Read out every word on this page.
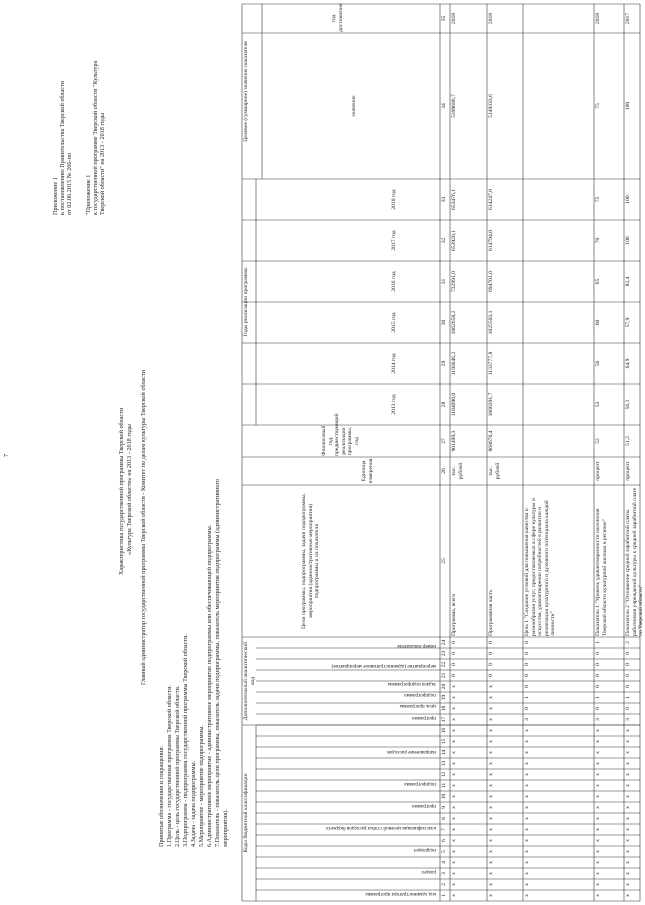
7
Приложение 1 к постановлению Правительства Тверской области от 02.06.2015 № 266-пп "Приложение 1 к государственной программе Тверской области "Культура Тверской области" на 2013 - 2018 годы
Характеристика государственной программы Тверской области «Культура Тверской области» на 2013 - 2018 годы Главный администратор государственной программы Тверской области - Комитет по делам культуры Тверской области
Принятые обозначения и сокращения: 1.Программа - государственная программа Тверской области. 2.Цель - цель государственной программы Тверской области. 3.Подпрограмма - подпрограмма государственной программы Тверской области. 4.Задача - задача подпрограммы. 5.Мероприятие - мероприятие подпрограммы. 6.Административное мероприятие - административное мероприятие подпрограммы или обеспечивающей подпрограммы. 7.Показатель - показатель цели программы, показатель задачи подпрограммы, показатель мероприятия подпрограммы (административного мероприятия).	Коды бюджетной классификации
Дополнительный аналитический код
Цели программы, подпрограммы, задачи подпрограммы, мероприятия (административные мероприятия) подпрограммы и их показатели
Единица измерения
Финансовый год, предшествующий реализации программы, год
Годы реализации программы
Целевое (суммарное) значение показателя	значение
год достижения
код администратора программы
раздел
подраздел
классификация целевой статьи расходов бюджета
программа
подпрограмма
направление расходов
программа
цель программы
подпрограмма
задача подпрограммы
мероприятие (административное мероприятие)
номер показателя
2013 год
2014 год
2015 год
2016 год
2017 год
2018 год
1
2
3
4
5
6
7
8
9
10
11
12
13
14
15
16
17
18
19
20
21
22
23
24
25
26
27
28
29
30
31
32
33
34
35
х
х
х
х
х
х
х
х
х
х
х
х
х
х
х
х
х
х
х
х
0
0
0
0
Программа, всего
тыс. рублей
901499,3
1184090,0
1193646,2
1062658,2
732991,0
653920,1
653476,1
5399686,7
2018
х
х
х
х
х
х
х
х
х
х
х
х
х
х
х
х
х
х
х
х
0
0
0
0
Программная часть
тыс. рублей
868670,4
1066391,7
1133777,8
1025503,1
694701,0
614794,0
614247,0
5149333,6
2018
х
х
х
х
х
х
х
х
х
х
х
х
х
х
х
х
3
0
1
0
0
0
0
0
Цель 1 "Создание условий для повышения качества и разнообразия услуг, предоставляемых в сфере культуры и искусства, удовлетворение потребностей в развитии и реализации культурного и духовного потенциала каждой личности"
х
х
х
х
х
х
х
х
х
х
х
х
х
х
х
х
3
0
1
0
0
0
0
1
Показатель 1 "Уровень удовлетворенности населения Тверской области культурной жизнью в регионе"
процент
52
53
56
60
65
70
75
75
2018
х
х
х
х
х
х
х
х
х
х
х
х
х
х
х
х
3
0
1
0
0
0
0
2
Показатель 2 "Отношение средней заработной платы работников учреждений культуры к средней заработной плате по Тверской области"
процент
51,2
56,1
64,9
57,9
82,4
100
100
100
2017
